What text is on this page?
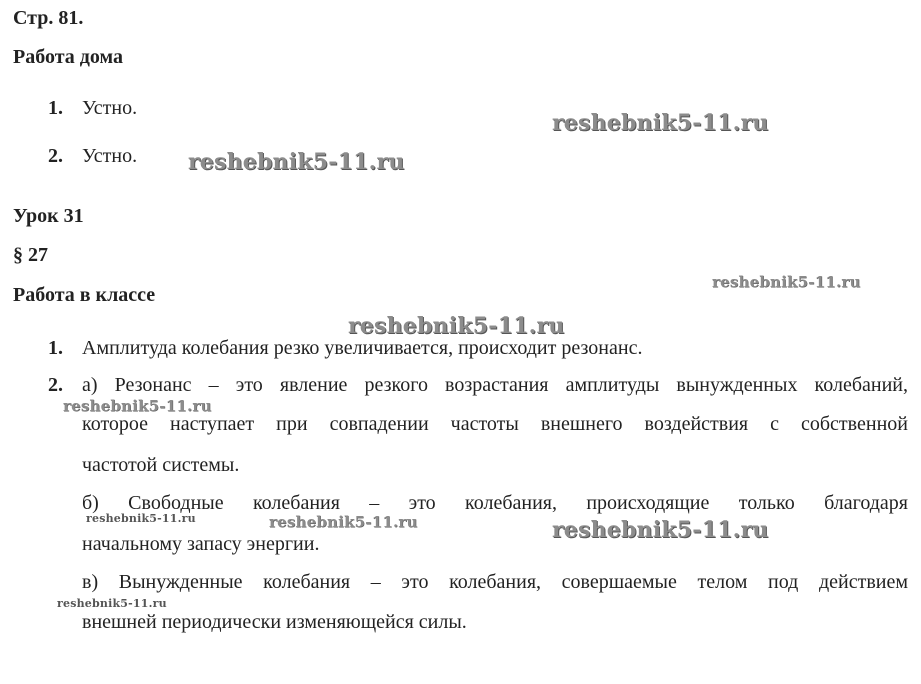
Стр. 81.
Работа дома
1. Устно.
2. Устно.
Урок 31
§ 27
Работа в классе
1. Амплитуда колебания резко увеличивается, происходит резонанс.
2. а) Резонанс – это явление резкого возрастания амплитуды вынужденных колебаний,
которое наступает при совпадении частоты внешнего воздействия с собственной
частотой системы.
б) Свободные колебания – это колебания, происходящие только благодаря
начальному запасу энергии.
в) Вынужденные колебания – это колебания, совершаемые телом под действием
внешней периодически изменяющейся силы.
reshebnik5-11.ru
reshebnik5-11.ru
reshebnik5-11.ru
reshebnik5-11.ru
reshebnik5-11.ru
reshebnik5-11.ru	reshebnik5-11.ru	reshebnik5-11.ru
reshebnik5-11.ru
